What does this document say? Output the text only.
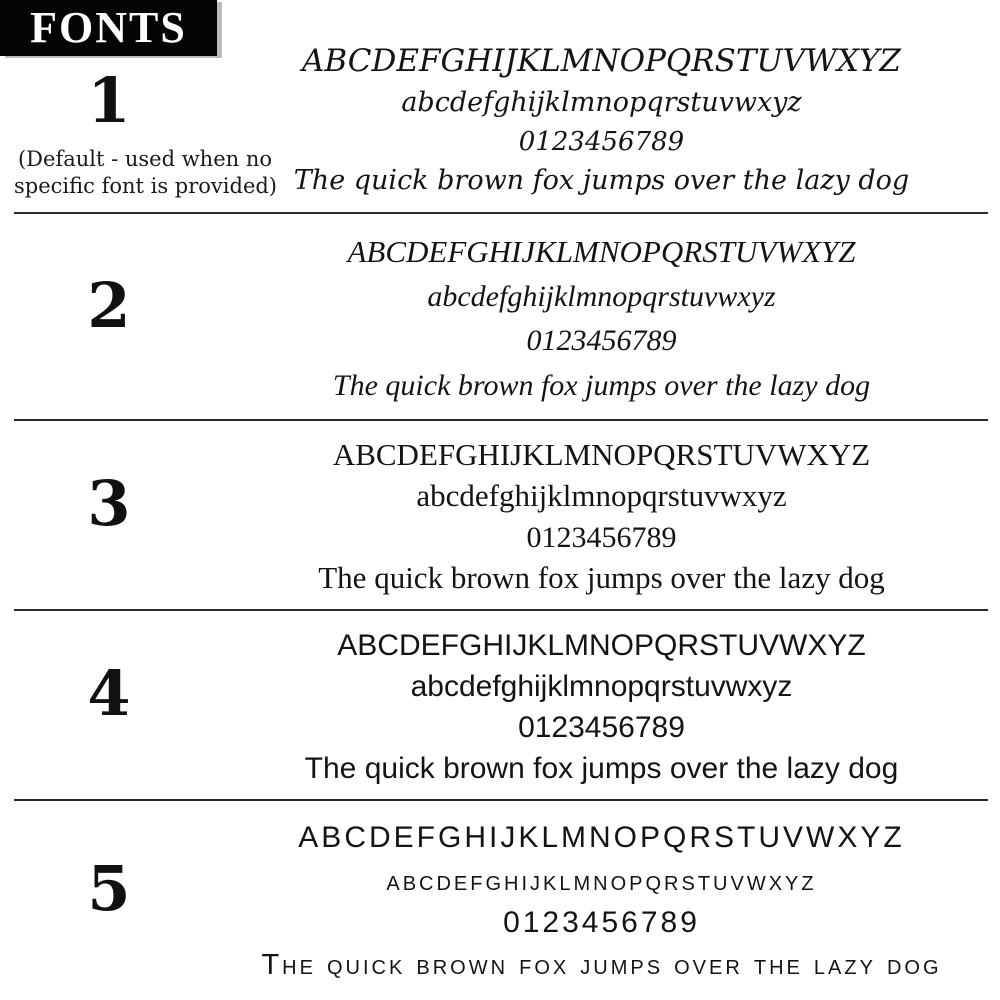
FONTS
1
(Default - used when no
specific font is provided)
ABCDEFGHIJKLMNOPQRSTUVWXYZ
abcdefghijklmnopqrstuvwxyz
0123456789
The quick brown fox jumps over the lazy dog
2
ABCDEFGHIJKLMNOPQRSTUVWXYZ
abcdefghijklmnopqrstuvwxyz
0123456789
The quick brown fox jumps over the lazy dog
3
ABCDEFGHIJKLMNOPQRSTUVWXYZ
abcdefghijklmnopqrstuvwxyz
0123456789
The quick brown fox jumps over the lazy dog
4
ABCDEFGHIJKLMNOPQRSTUVWXYZ
abcdefghijklmnopqrstuvwxyz
0123456789
The quick brown fox jumps over the lazy dog
5
ABCDEFGHIJKLMNOPQRSTUVWXYZ
abcdefghijklmnopqrstuvwxyz
0123456789
The quick brown fox jumps over the lazy dog
